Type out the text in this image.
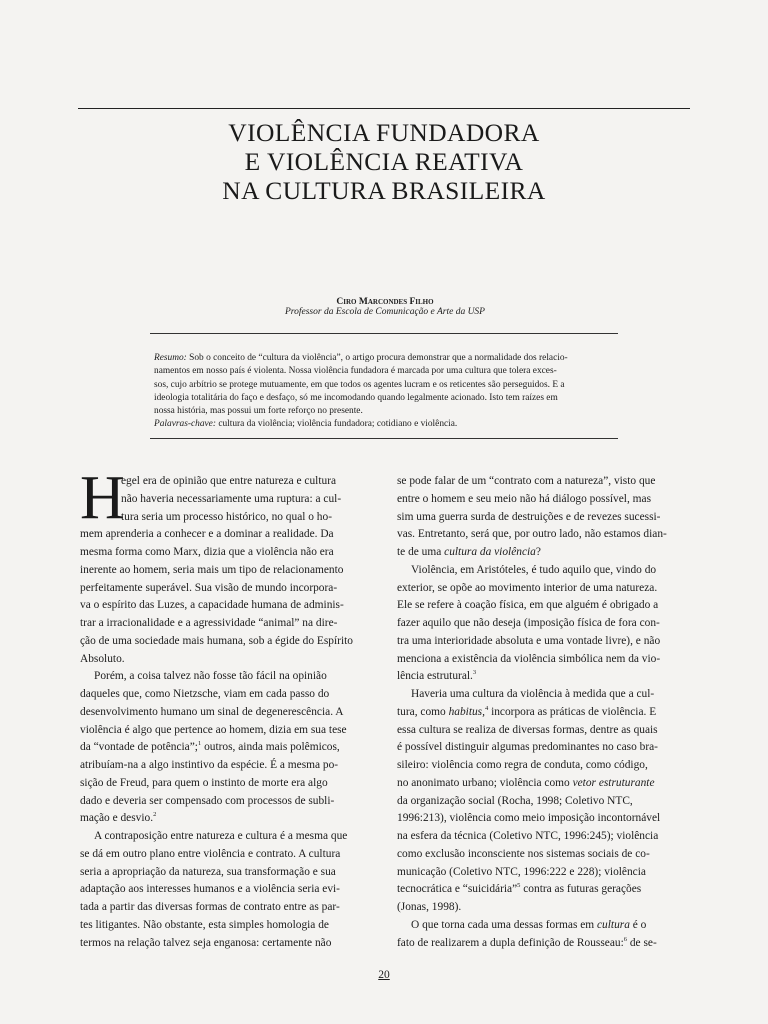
VIOLÊNCIA FUNDADORA
E VIOLÊNCIA REATIVA
NA CULTURA BRASILEIRA
Ciro Marcondes Filho
Professor da Escola de Comunicação e Arte da USP
Resumo: Sob o conceito de “cultura da violência”, o artigo procura demonstrar que a normalidade dos relacio-
namentos em nosso país é violenta. Nossa violência fundadora é marcada por uma cultura que tolera exces-
sos, cujo arbítrio se protege mutuamente, em que todos os agentes lucram e os reticentes são perseguidos. E a
ideologia totalitária do faço e desfaço, só me incomodando quando legalmente acionado. Isto tem raízes em
nossa história, mas possui um forte reforço no presente.
Palavras-chave: cultura da violência; violência fundadora; cotidiano e violência.
H
egel era de opinião que entre natureza e cultura
não haveria necessariamente uma ruptura: a cul-
tura seria um processo histórico, no qual o ho-
mem aprenderia a conhecer e a dominar a realidade. Da
mesma forma como Marx, dizia que a violência não era
inerente ao homem, seria mais um tipo de relacionamento
perfeitamente superável. Sua visão de mundo incorpora-
va o espírito das Luzes, a capacidade humana de adminis-
trar a irracionalidade e a agressividade “animal” na dire-
ção de uma sociedade mais humana, sob a égide do Espírito
Absoluto.
Porém, a coisa talvez não fosse tão fácil na opinião
daqueles que, como Nietzsche, viam em cada passo do
desenvolvimento humano um sinal de degenerescência. A
violência é algo que pertence ao homem, dizia em sua tese
da “vontade de potência”;$^1$ outros, ainda mais polêmicos,
atribuíam-na a algo instintivo da espécie. É a mesma po-
sição de Freud, para quem o instinto de morte era algo
dado e deveria ser compensado com processos de subli-
mação e desvio.$^2$
A contraposição entre natureza e cultura é a mesma que
se dá em outro plano entre violência e contrato. A cultura
seria a apropriação da natureza, sua transformação e sua
adaptação aos interesses humanos e a violência seria evi-
tada a partir das diversas formas de contrato entre as par-
tes litigantes. Não obstante, esta simples homologia de
termos na relação talvez seja enganosa: certamente não
se pode falar de um “contrato com a natureza”, visto que
entre o homem e seu meio não há diálogo possível, mas
sim uma guerra surda de destruições e de revezes sucessi-
vas. Entretanto, será que, por outro lado, não estamos dian-
te de uma cultura da violência?
Violência, em Aristóteles, é tudo aquilo que, vindo do
exterior, se opõe ao movimento interior de uma natureza.
Ele se refere à coação física, em que alguém é obrigado a
fazer aquilo que não deseja (imposição física de fora con-
tra uma interioridade absoluta e uma vontade livre), e não
menciona a existência da violência simbólica nem da vio-
lência estrutural.$^3$
Haveria uma cultura da violência à medida que a cul-
tura, como habitus,$^4$ incorpora as práticas de violência. E
essa cultura se realiza de diversas formas, dentre as quais
é possível distinguir algumas predominantes no caso bra-
sileiro: violência como regra de conduta, como código,
no anonimato urbano; violência como vetor estruturante
da organização social (Rocha, 1998; Coletivo NTC,
1996:213), violência como meio imposição incontornável
na esfera da técnica (Coletivo NTC, 1996:245); violência
como exclusão inconsciente nos sistemas sociais de co-
municação (Coletivo NTC, 1996:222 e 228); violência
tecnocrática e “suicidária”$^5$ contra as futuras gerações
(Jonas, 1998).
O que torna cada uma dessas formas em cultura é o
fato de realizarem a dupla definição de Rousseau:$^6$ de se-
20
